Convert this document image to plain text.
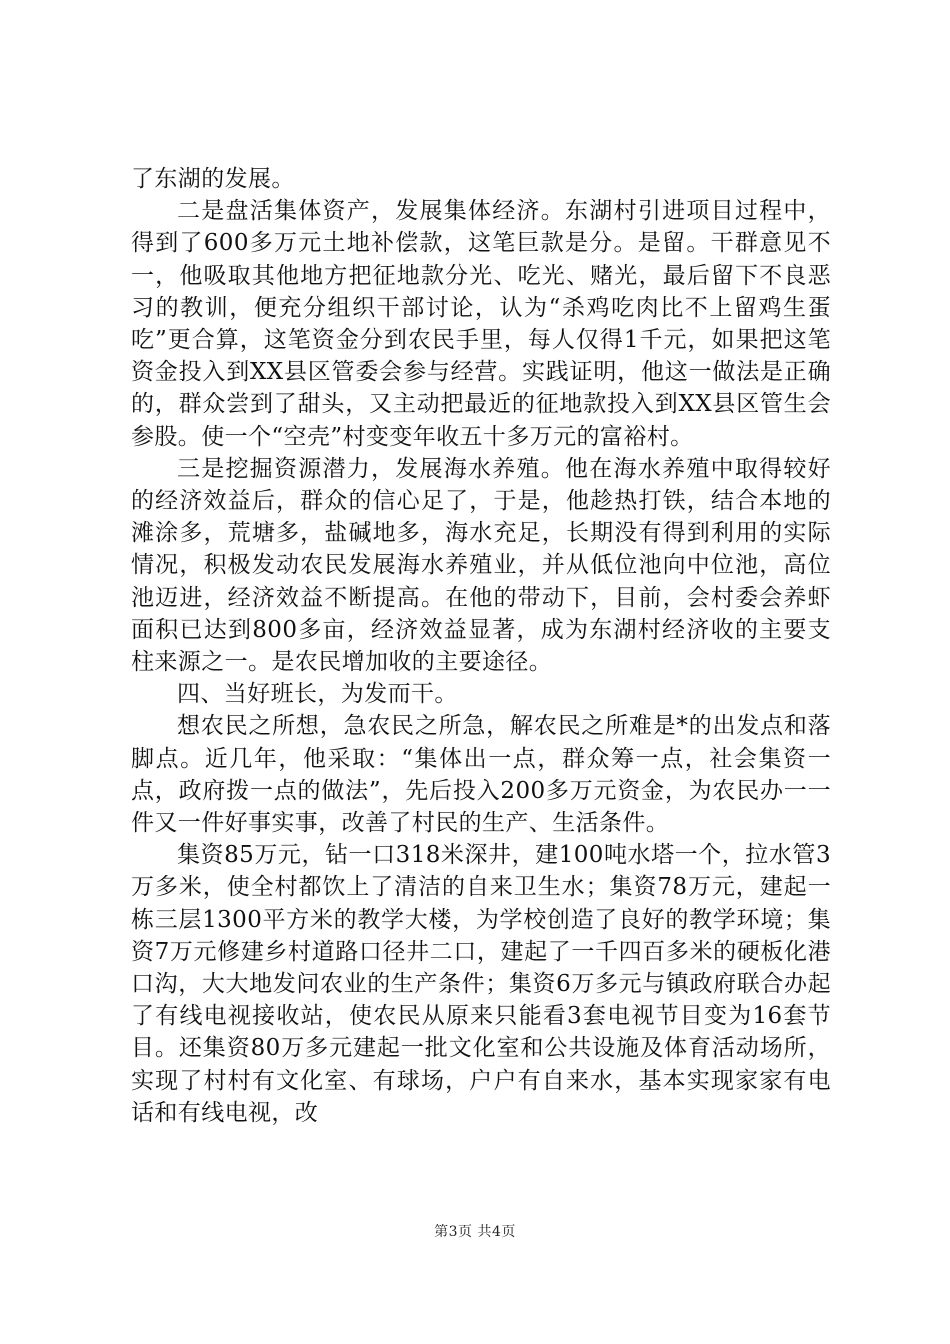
了东湖的发展。

二是盘活集体资产，发展集体经济。东湖村引进项目过程中，得到了600多万元土地补偿款，这笔巨款是分。是留。干群意见不一，他吸取其他地方把征地款分光、吃光、赌光，最后留下不良恶习的教训，便充分组织干部讨论，认为“杀鸡吃肉比不上留鸡生蛋吃”更合算，这笔资金分到农民手里，每人仅得1千元，如果把这笔资金投入到XX县区管委会参与经营。实践证明，他这一做法是正确的，群众尝到了甜头，又主动把最近的征地款投入到XX县区管生会参股。使一个“空壳”村变变年收五十多万元的富裕村。

三是挖掘资源潜力，发展海水养殖。他在海水养殖中取得较好的经济效益后，群众的信心足了，于是，他趁热打铁，结合本地的滩涂多，荒塘多，盐碱地多，海水充足，长期没有得到利用的实际情况，积极发动农民发展海水养殖业，并从低位池向中位池，高位池迈进，经济效益不断提高。在他的带动下，目前，会村委会养虾面积已达到800多亩，经济效益显著，成为东湖村经济收的主要支柱来源之一。是农民增加收的主要途径。

四、当好班长，为发而干。

想农民之所想，急农民之所急，解农民之所难是*的出发点和落脚点。近几年，他采取：“集体出一点，群众筹一点，社会集资一点，政府拨一点的做法”，先后投入200多万元资金，为农民办一一件又一件好事实事，改善了村民的生产、生活条件。

集资85万元，钻一口318米深井，建100吨水塔一个，拉水管3万多米，使全村都饮上了清洁的自来卫生水；集资78万元，建起一栋三层1300平方米的教学大楼，为学校创造了良好的教学环境；集资7万元修建乡村道路口径井二口，建起了一千四百多米的硬板化港口沟，大大地发问农业的生产条件；集资6万多元与镇政府联合办起了有线电视接收站，使农民从原来只能看3套电视节目变为16套节目。还集资80万多元建起一批文化室和公共设施及体育活动场所，实现了村村有文化室、有球场，户户有自来水，基本实现家家有电话和有线电视，改

第3页 共4页
